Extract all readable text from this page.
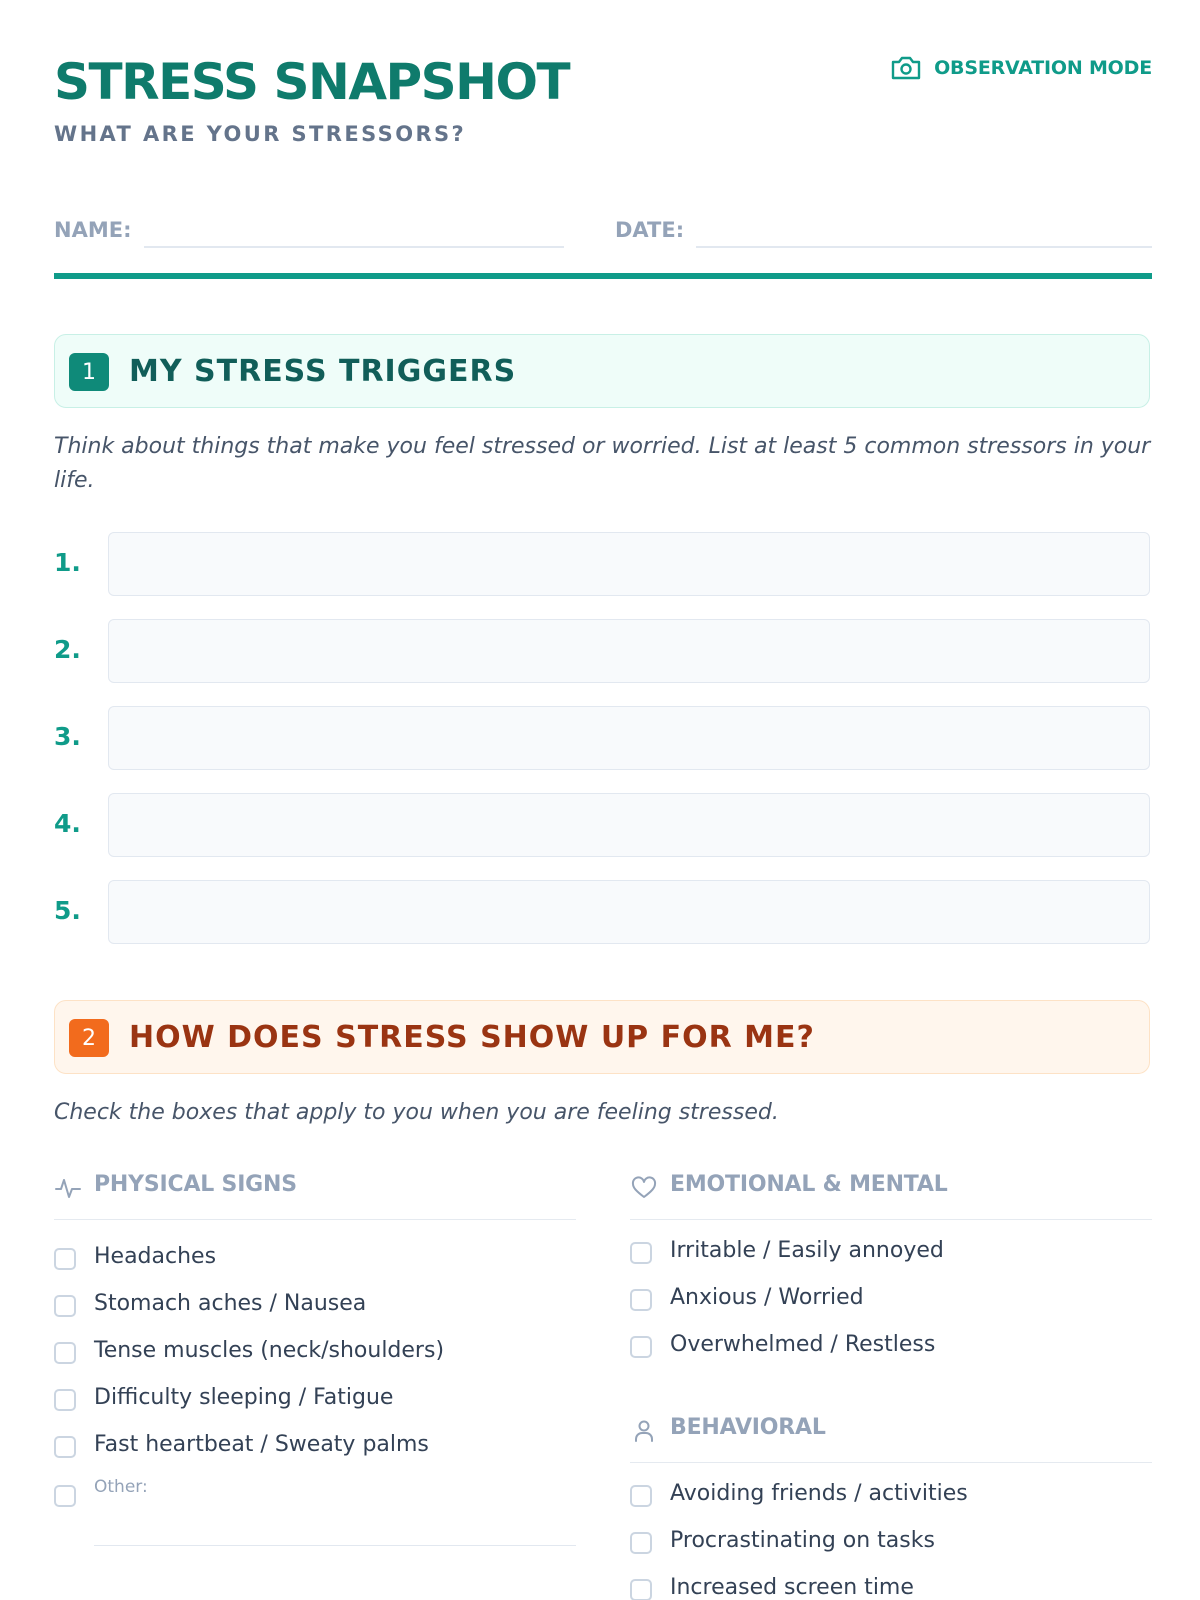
STRESS SNAPSHOT
WHAT ARE YOUR STRESSORS?
OBSERVATION MODE
NAME:	DATE:
1	MY STRESS TRIGGERS

Think about things that make you feel stressed or worried. List at least 5 common stressors in your life.

1.
2.
3.
4.
5.
2	HOW DOES STRESS SHOW UP FOR ME?

Check the boxes that apply to you when you are feeling stressed.

PHYSICAL SIGNS
Headaches
Stomach aches / Nausea
Tense muscles (neck/shoulders)
Difficulty sleeping / Fatigue
Fast heartbeat / Sweaty palms
Other:
EMOTIONAL & MENTAL
Irritable / Easily annoyed
Anxious / Worried
Overwhelmed / Restless
BEHAVIORAL
Avoiding friends / activities
Procrastinating on tasks
Increased screen time
